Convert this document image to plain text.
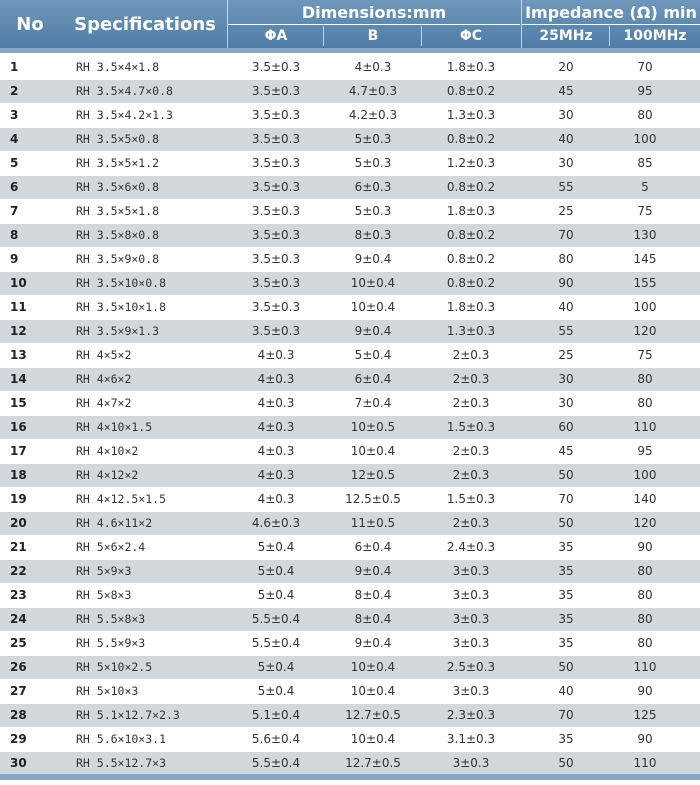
No	Specifications
Dimensions:mm	Impedance (Ω) min
ΦA	B	ΦC	25MHz	100MHz
1	RH 3.5×4×1.8	3.5±0.3	4±0.3	1.8±0.3	20	70
2	RH 3.5×4.7×0.8	3.5±0.3	4.7±0.3	0.8±0.2	45	95
3	RH 3.5×4.2×1.3	3.5±0.3	4.2±0.3	1.3±0.3	30	80
4	RH 3.5×5×0.8	3.5±0.3	5±0.3	0.8±0.2	40	100
5	RH 3.5×5×1.2	3.5±0.3	5±0.3	1.2±0.3	30	85
6	RH 3.5×6×0.8	3.5±0.3	6±0.3	0.8±0.2	55	5
7	RH 3.5×5×1.8	3.5±0.3	5±0.3	1.8±0.3	25	75
8	RH 3.5×8×0.8	3.5±0.3	8±0.3	0.8±0.2	70	130
9	RH 3.5×9×0.8	3.5±0.3	9±0.4	0.8±0.2	80	145
10	RH 3.5×10×0.8	3.5±0.3	10±0.4	0.8±0.2	90	155
11	RH 3.5×10×1.8	3.5±0.3	10±0.4	1.8±0.3	40	100
12	RH 3.5×9×1.3	3.5±0.3	9±0.4	1.3±0.3	55	120
13	RH 4×5×2	4±0.3	5±0.4	2±0.3	25	75
14	RH 4×6×2	4±0.3	6±0.4	2±0.3	30	80
15	RH 4×7×2	4±0.3	7±0.4	2±0.3	30	80
16	RH 4×10×1.5	4±0.3	10±0.5	1.5±0.3	60	110
17	RH 4×10×2	4±0.3	10±0.4	2±0.3	45	95
18	RH 4×12×2	4±0.3	12±0.5	2±0.3	50	100
19	RH 4×12.5×1.5	4±0.3	12.5±0.5	1.5±0.3	70	140
20	RH 4.6×11×2	4.6±0.3	11±0.5	2±0.3	50	120
21	RH 5×6×2.4	5±0.4	6±0.4	2.4±0.3	35	90
22	RH 5×9×3	5±0.4	9±0.4	3±0.3	35	80
23	RH 5×8×3	5±0.4	8±0.4	3±0.3	35	80
24	RH 5.5×8×3	5.5±0.4	8±0.4	3±0.3	35	80
25	RH 5.5×9×3	5.5±0.4	9±0.4	3±0.3	35	80
26	RH 5×10×2.5	5±0.4	10±0.4	2.5±0.3	50	110
27	RH 5×10×3	5±0.4	10±0.4	3±0.3	40	90
28	RH 5.1×12.7×2.3	5.1±0.4	12.7±0.5	2.3±0.3	70	125
29	RH 5.6×10×3.1	5.6±0.4	10±0.4	3.1±0.3	35	90
30	RH 5.5×12.7×3	5.5±0.4	12.7±0.5	3±0.3	50	110
